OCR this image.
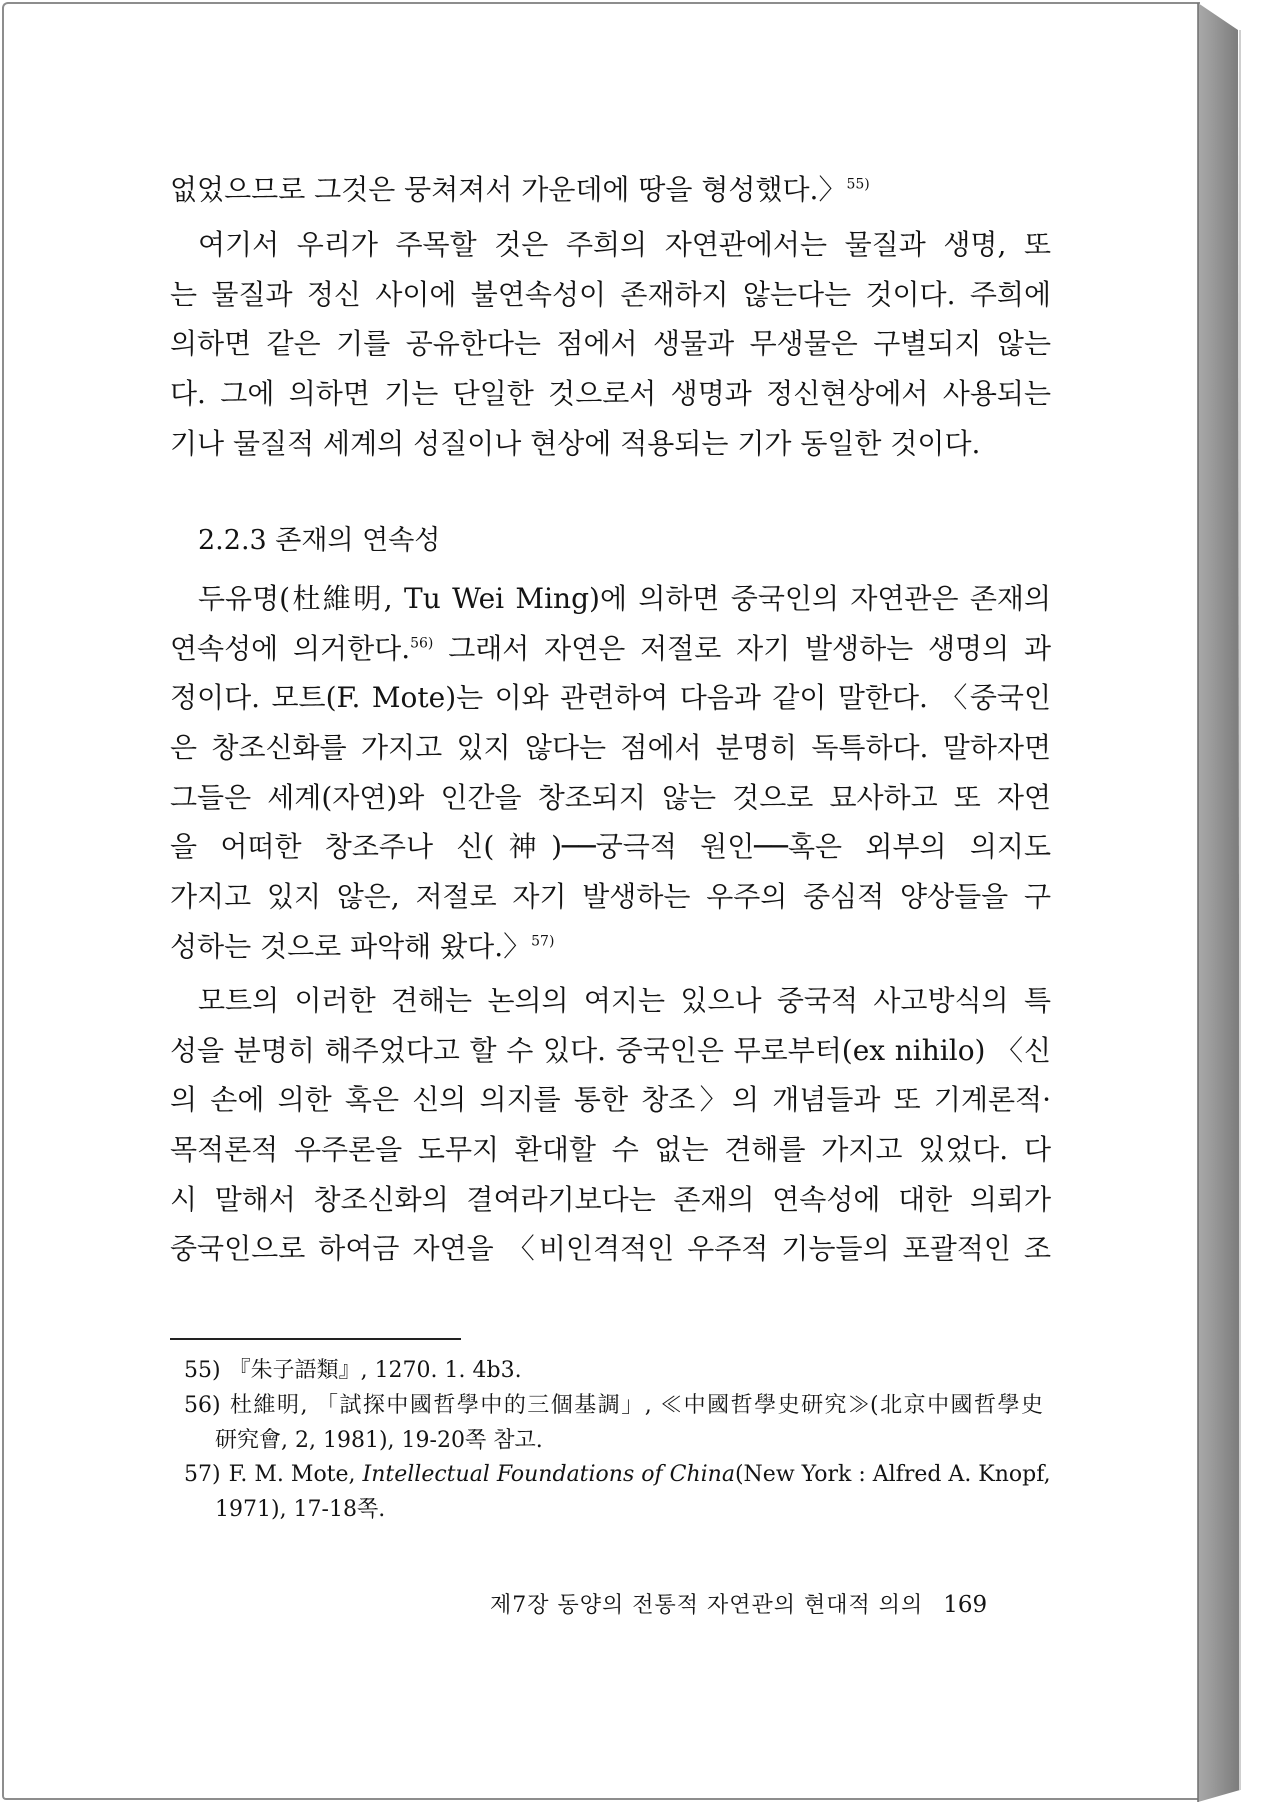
없었으므로 그것은 뭉쳐져서 가운데에 땅을 형성했다.〉$^{55)}$
여기서 우리가 주목할 것은 주희의 자연관에서는 물질과 생명, 또
는 물질과 정신 사이에 불연속성이 존재하지 않는다는 것이다. 주희에
의하면 같은 기를 공유한다는 점에서 생물과 무생물은 구별되지 않는
다. 그에 의하면 기는 단일한 것으로서 생명과 정신현상에서 사용되는
기나 물질적 세계의 성질이나 현상에 적용되는 기가 동일한 것이다.
2.2.3 존재의 연속성
두유명(杜維明, Tu Wei Ming)에 의하면 중국인의 자연관은 존재의
연속성에 의거한다.$^{56)}$ 그래서 자연은 저절로 자기 발생하는 생명의 과
정이다. 모트(F. Mote)는 이와 관련하여 다음과 같이 말한다. 〈중국인
은 창조신화를 가지고 있지 않다는 점에서 분명히 독특하다. 말하자면
그들은 세계(자연)와 인간을 창조되지 않는 것으로 묘사하고 또 자연
을 어떠한 창조주나 신(神)──궁극적 원인──혹은 외부의 의지도
가지고 있지 않은, 저절로 자기 발생하는 우주의 중심적 양상들을 구
성하는 것으로 파악해 왔다.〉$^{57)}$
모트의 이러한 견해는 논의의 여지는 있으나 중국적 사고방식의 특
성을 분명히 해주었다고 할 수 있다. 중국인은 무로부터(ex nihilo) 〈신
의 손에 의한 혹은 신의 의지를 통한 창조〉의 개념들과 또 기계론적·
목적론적 우주론을 도무지 환대할 수 없는 견해를 가지고 있었다. 다
시 말해서 창조신화의 결여라기보다는 존재의 연속성에 대한 의뢰가
중국인으로 하여금 자연을 〈비인격적인 우주적 기능들의 포괄적인 조
55) 『朱子語類』, 1270. 1. 4b3.
56) 杜維明, 「試探中國哲學中的三個基調」, ≪中國哲學史研究≫(北京中國哲學史
研究會, 2, 1981), 19-20쪽 참고.
57) F. M. Mote, Intellectual Foundations of China(New York : Alfred A. Knopf,
1971), 17-18쪽.
제7장 동양의 전통적 자연관의 현대적 의의 169
